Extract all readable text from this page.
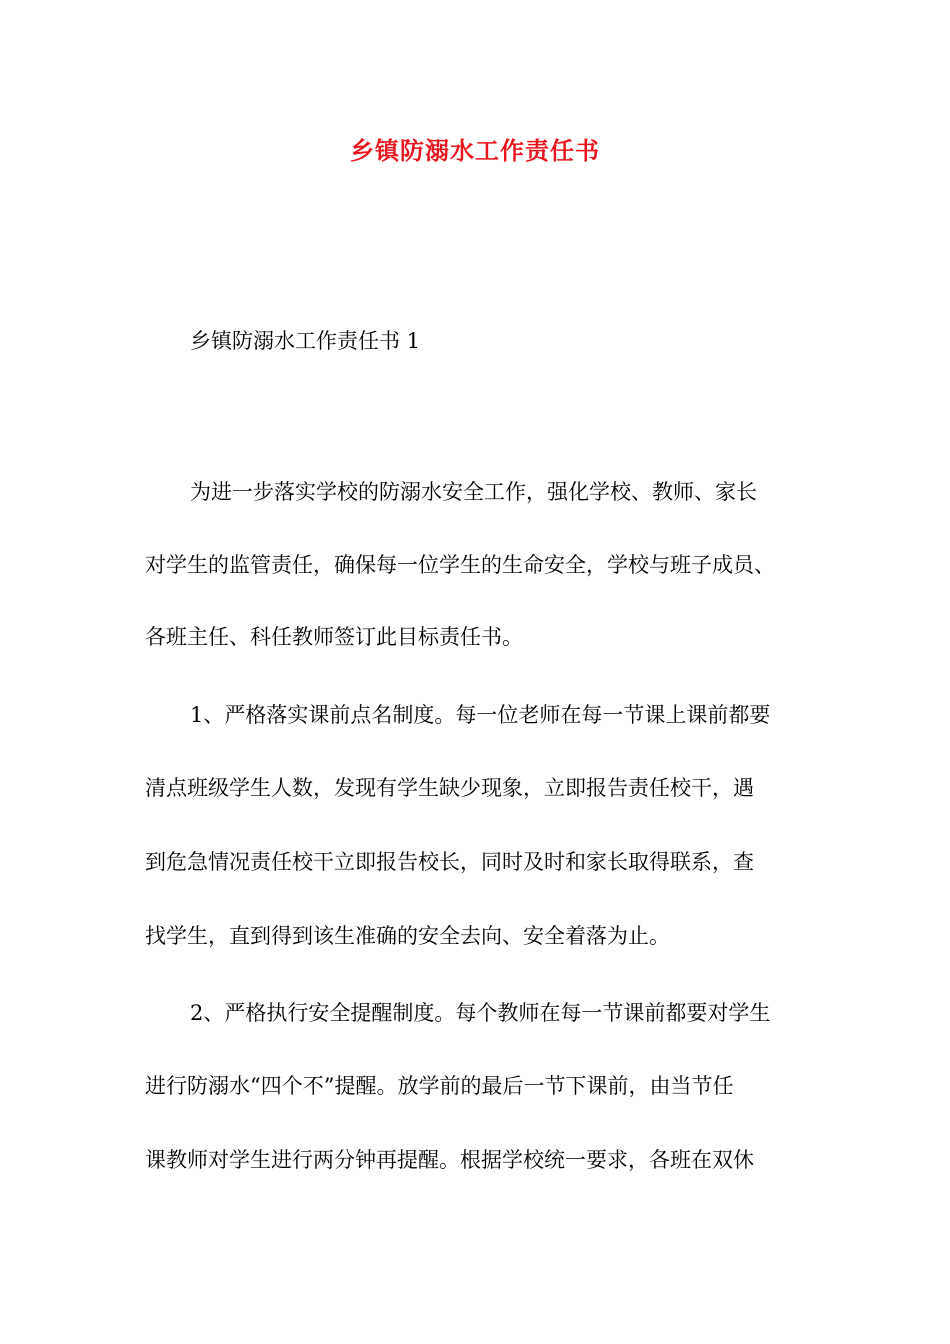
乡镇防溺水工作责任书
乡镇防溺水工作责任书 1
为进一步落实学校的防溺水安全工作，强化学校、教师、家长
对学生的监管责任，确保每一位学生的生命安全，学校与班子成员、
各班主任、科任教师签订此目标责任书。
1、严格落实课前点名制度。每一位老师在每一节课上课前都要
清点班级学生人数，发现有学生缺少现象，立即报告责任校干，遇
到危急情况责任校干立即报告校长，同时及时和家长取得联系，查
找学生，直到得到该生准确的安全去向、安全着落为止。
2、严格执行安全提醒制度。每个教师在每一节课前都要对学生
进行防溺水“四个不”提醒。放学前的最后一节下课前，由当节任
课教师对学生进行两分钟再提醒。根据学校统一要求，各班在双休
